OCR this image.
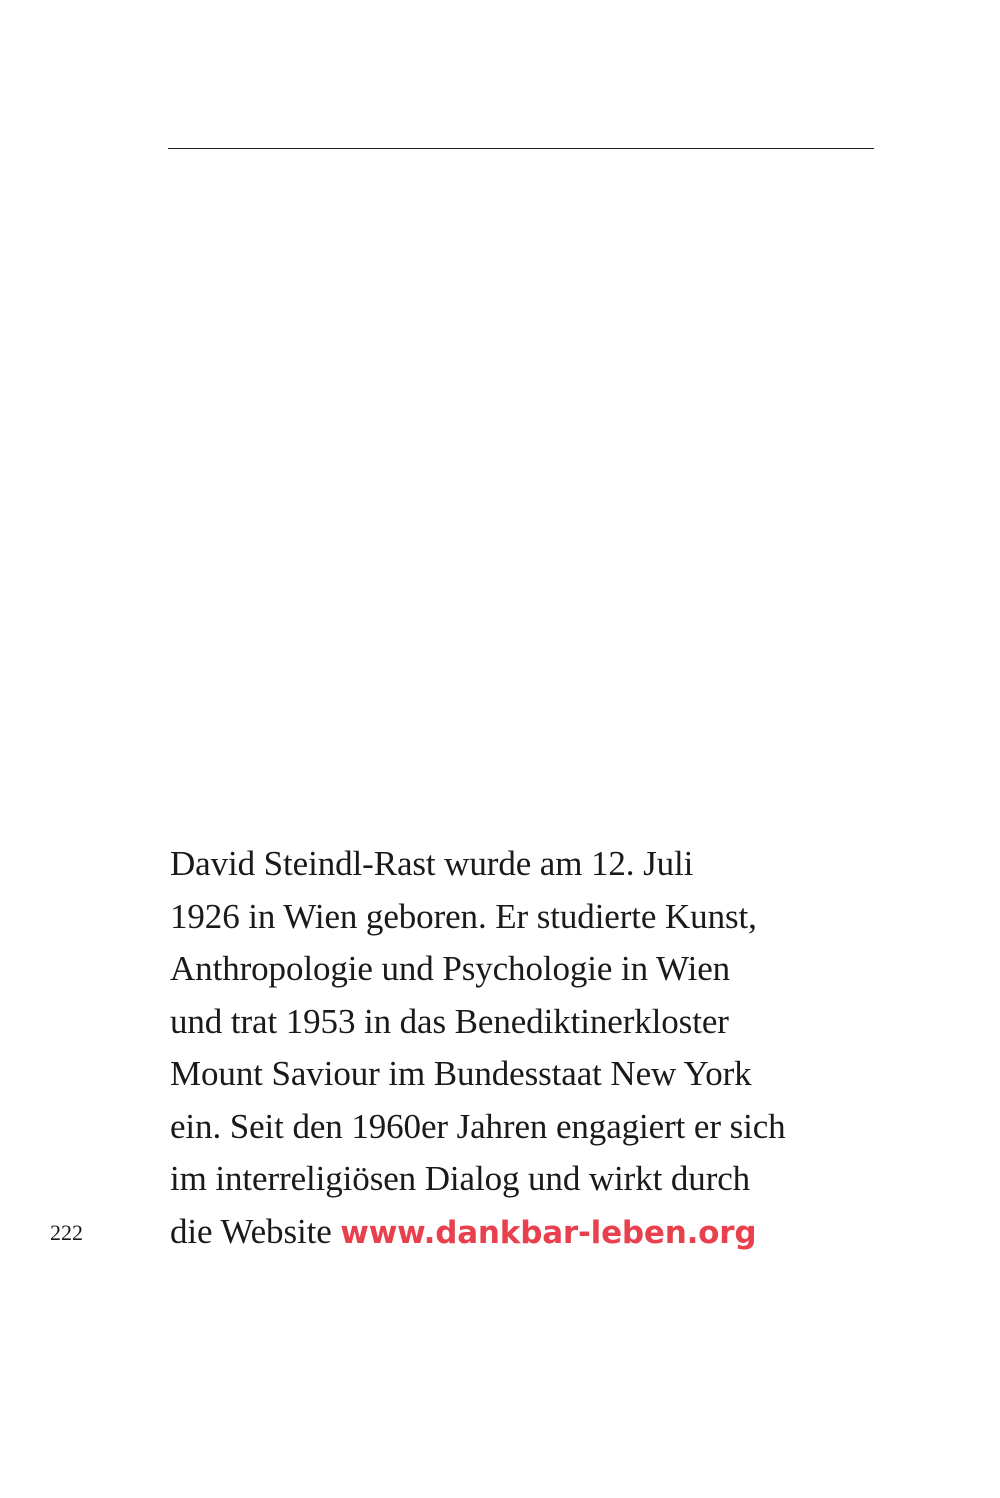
David Steindl-Rast wurde am 12. Juli
1926 in Wien geboren. Er studierte Kunst,
Anthropologie und Psychologie in Wien
und trat 1953 in das Benediktinerkloster
Mount Saviour im Bundesstaat New York
ein. Seit den 1960er Jahren engagiert er sich
im interreligiösen Dialog und wirkt durch
die Website www.dankbar-leben.org
222
